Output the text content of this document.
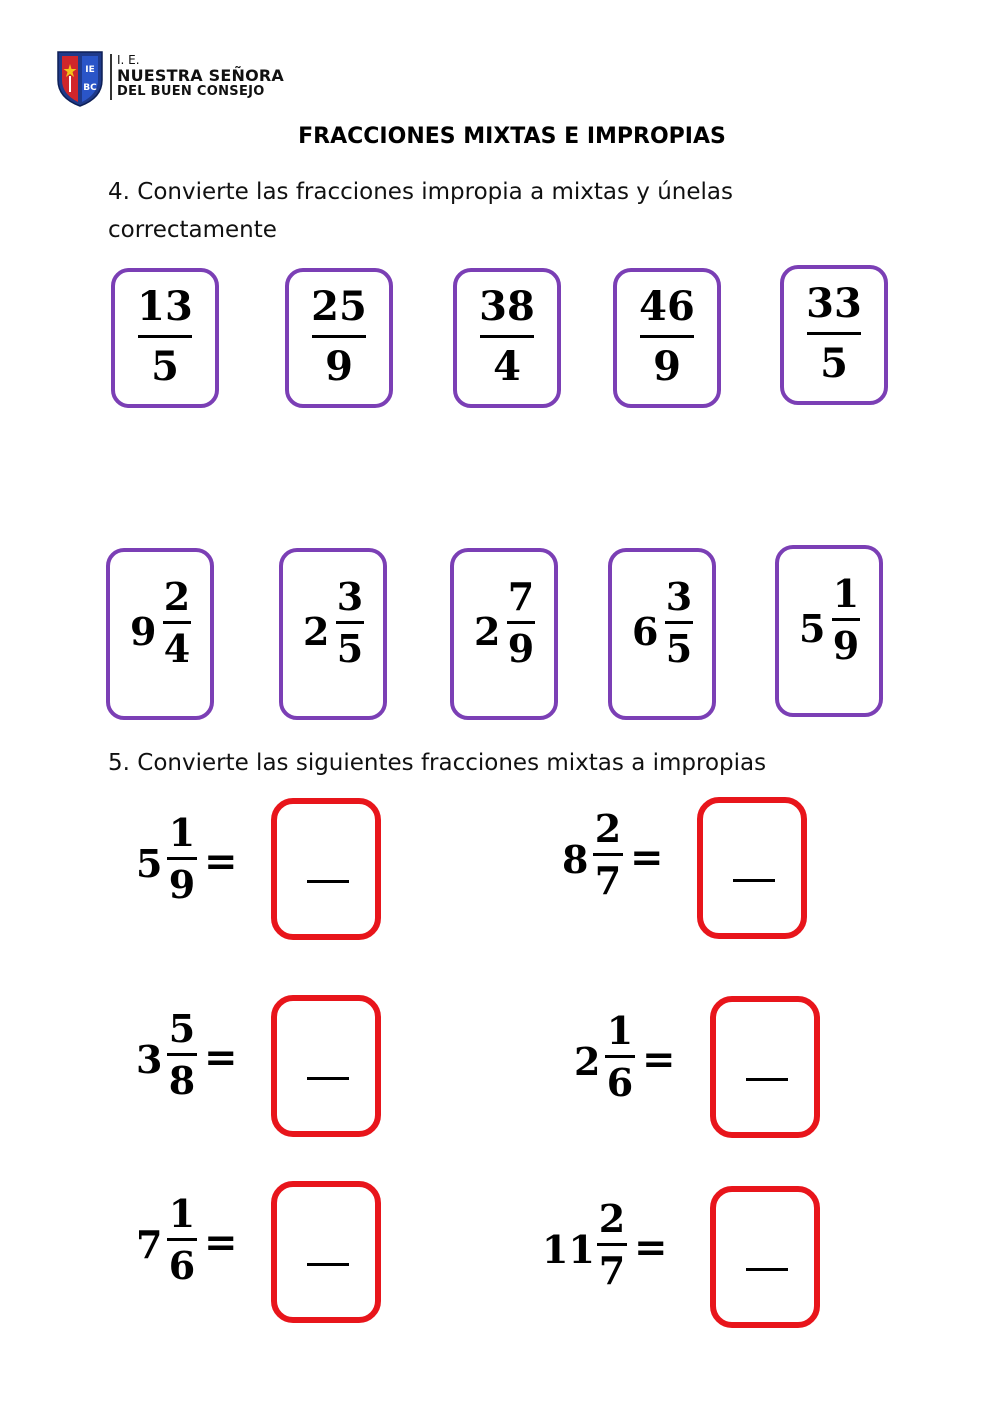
IE
BC
I. E.
NUESTRA SEÑORA
DEL BUEN CONSEJO
FRACCIONES MIXTAS E IMPROPIAS
4. Convierte las fracciones impropia a mixtas y únelas correctamente
13
5
25
9
38
4
46
9
33
5
9
2
4	2
3
5	2
7
9	6
3
5	5
1
9
5. Convierte las siguientes fracciones mixtas a impropias
5
1
9 =	8
2
7 =
3
5
8 =	2
1
6 =
7
1
6 =	11
2
7 =
